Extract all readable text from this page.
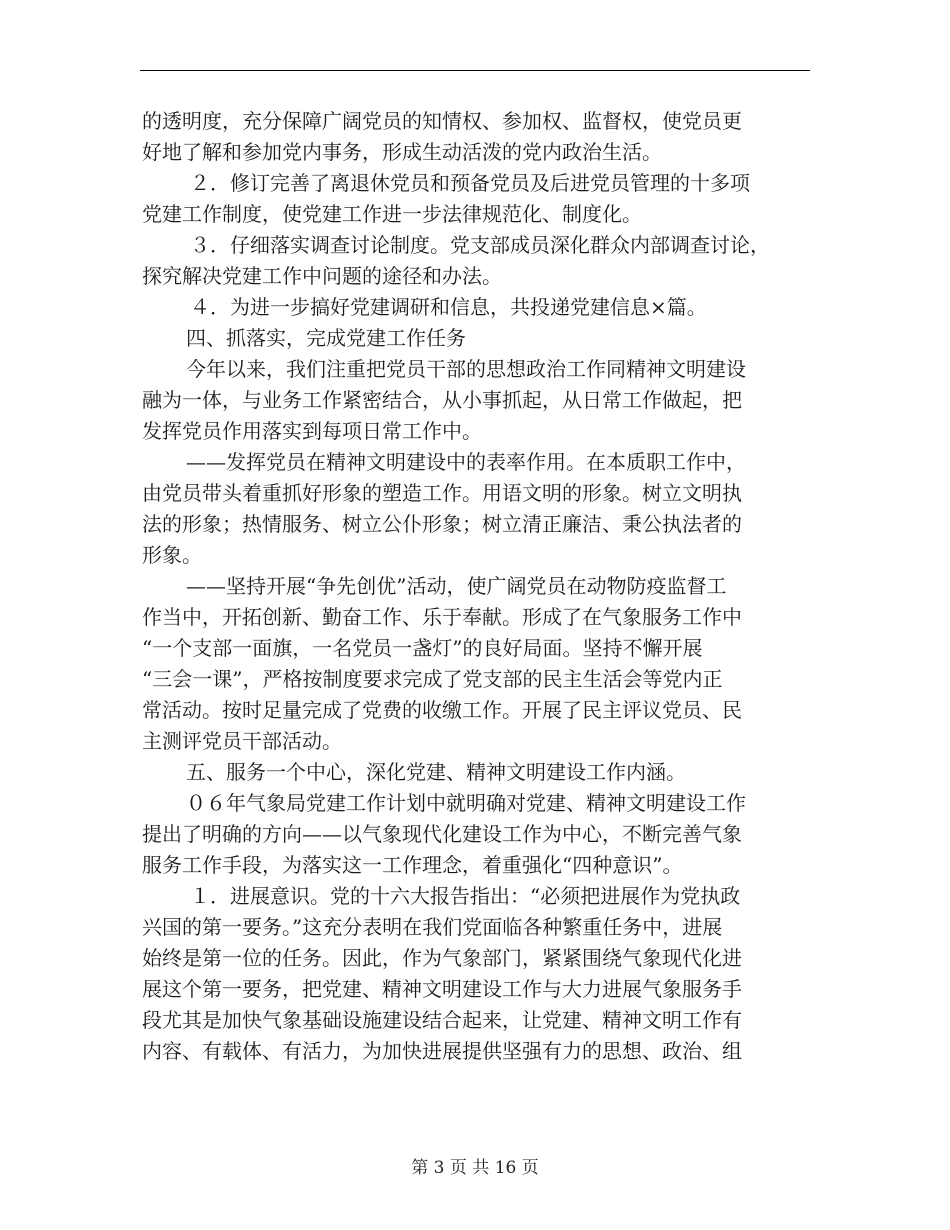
的透明度，充分保障广阔党员的知情权、参加权、监督权，使党员更
好地了解和参加党内事务，形成生动活泼的党内政治生活。
２．修订完善了离退休党员和预备党员及后进党员管理的十多项
党建工作制度，使党建工作进一步法律规范化、制度化。
３．仔细落实调查讨论制度。党支部成员深化群众内部调查讨论，
探究解决党建工作中问题的途径和办法。
４．为进一步搞好党建调研和信息，共投递党建信息×篇。
四、抓落实，完成党建工作任务
今年以来，我们注重把党员干部的思想政治工作同精神文明建设
融为一体，与业务工作紧密结合，从小事抓起，从日常工作做起，把
发挥党员作用落实到每项日常工作中。
——发挥党员在精神文明建设中的表率作用。在本质职工作中，
由党员带头着重抓好形象的塑造工作。用语文明的形象。树立文明执
法的形象；热情服务、树立公仆形象；树立清正廉洁、秉公执法者的
形象。
——坚持开展“争先创优”活动，使广阔党员在动物防疫监督工
作当中，开拓创新、勤奋工作、乐于奉献。形成了在气象服务工作中
“一个支部一面旗，一名党员一盏灯”的良好局面。坚持不懈开展
“三会一课”，严格按制度要求完成了党支部的民主生活会等党内正
常活动。按时足量完成了党费的收缴工作。开展了民主评议党员、民
主测评党员干部活动。
五、服务一个中心，深化党建、精神文明建设工作内涵。
０６年气象局党建工作计划中就明确对党建、精神文明建设工作
提出了明确的方向——以气象现代化建设工作为中心，不断完善气象
服务工作手段，为落实这一工作理念，着重强化“四种意识”。
１．进展意识。党的十六大报告指出：“必须把进展作为党执政
兴国的第一要务。”这充分表明在我们党面临各种繁重任务中，进展
始终是第一位的任务。因此，作为气象部门，紧紧围绕气象现代化进
展这个第一要务，把党建、精神文明建设工作与大力进展气象服务手
段尤其是加快气象基础设施建设结合起来，让党建、精神文明工作有
内容、有载体、有活力，为加快进展提供坚强有力的思想、政治、组
第 3 页 共 16 页
